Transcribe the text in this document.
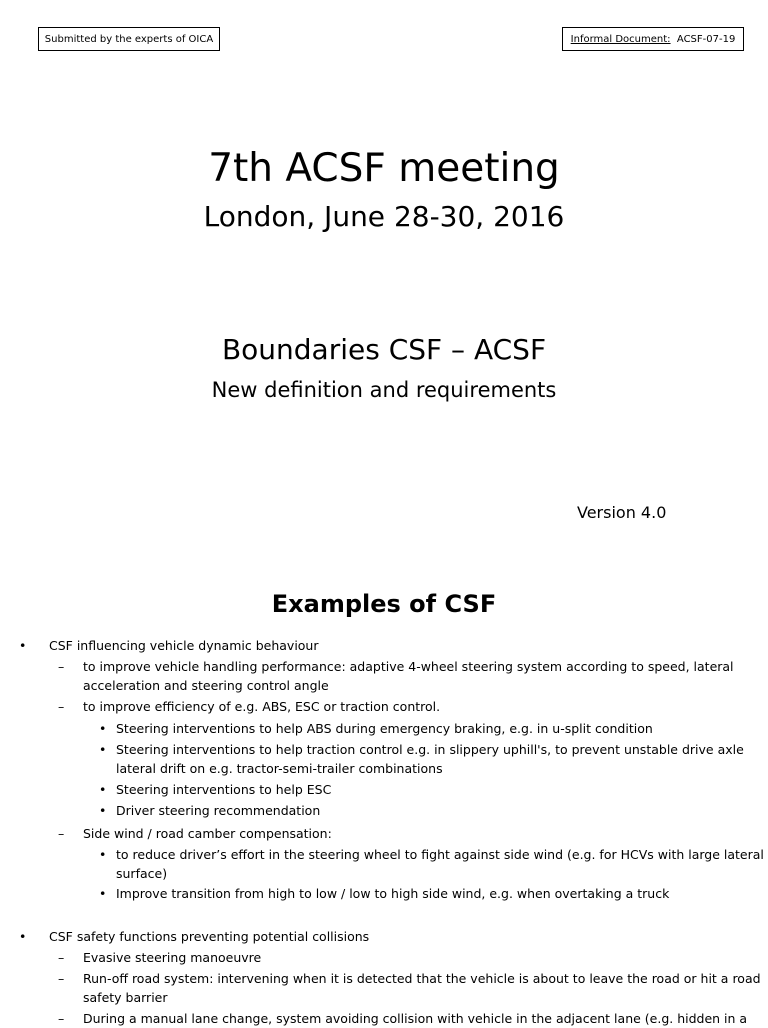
Submitted by the experts of OICA	Informal Document:
ACSF-07-19
7th ACSF meeting
London, June 28-30, 2016
Boundaries CSF – ACSF
New definition and requirements
Version 4.0
Examples of CSF
• CSF influencing vehicle dynamic behaviour
– to improve vehicle handling performance: adaptive 4-wheel steering system according to speed, lateral
acceleration and steering control angle
– to improve efficiency of e.g. ABS, ESC or traction control.
• Steering interventions to help ABS during emergency braking, e.g. in u-split condition
• Steering interventions to help traction control e.g. in slippery uphill's, to prevent unstable drive axle
lateral drift on e.g. tractor-semi-trailer combinations
• Steering interventions to help ESC
• Driver steering recommendation
– Side wind / road camber compensation:
• to reduce driver’s effort in the steering wheel to fight against side wind (e.g. for HCVs with large lateral
surface)
• Improve transition from high to low / low to high side wind, e.g. when overtaking a truck
• CSF safety functions preventing potential collisions
– Evasive steering manoeuvre
– Run-off road system: intervening when it is detected that the vehicle is about to leave the road or hit a road
safety barrier
– During a manual lane change, system avoiding collision with vehicle in the adjacent lane (e.g. hidden in a
